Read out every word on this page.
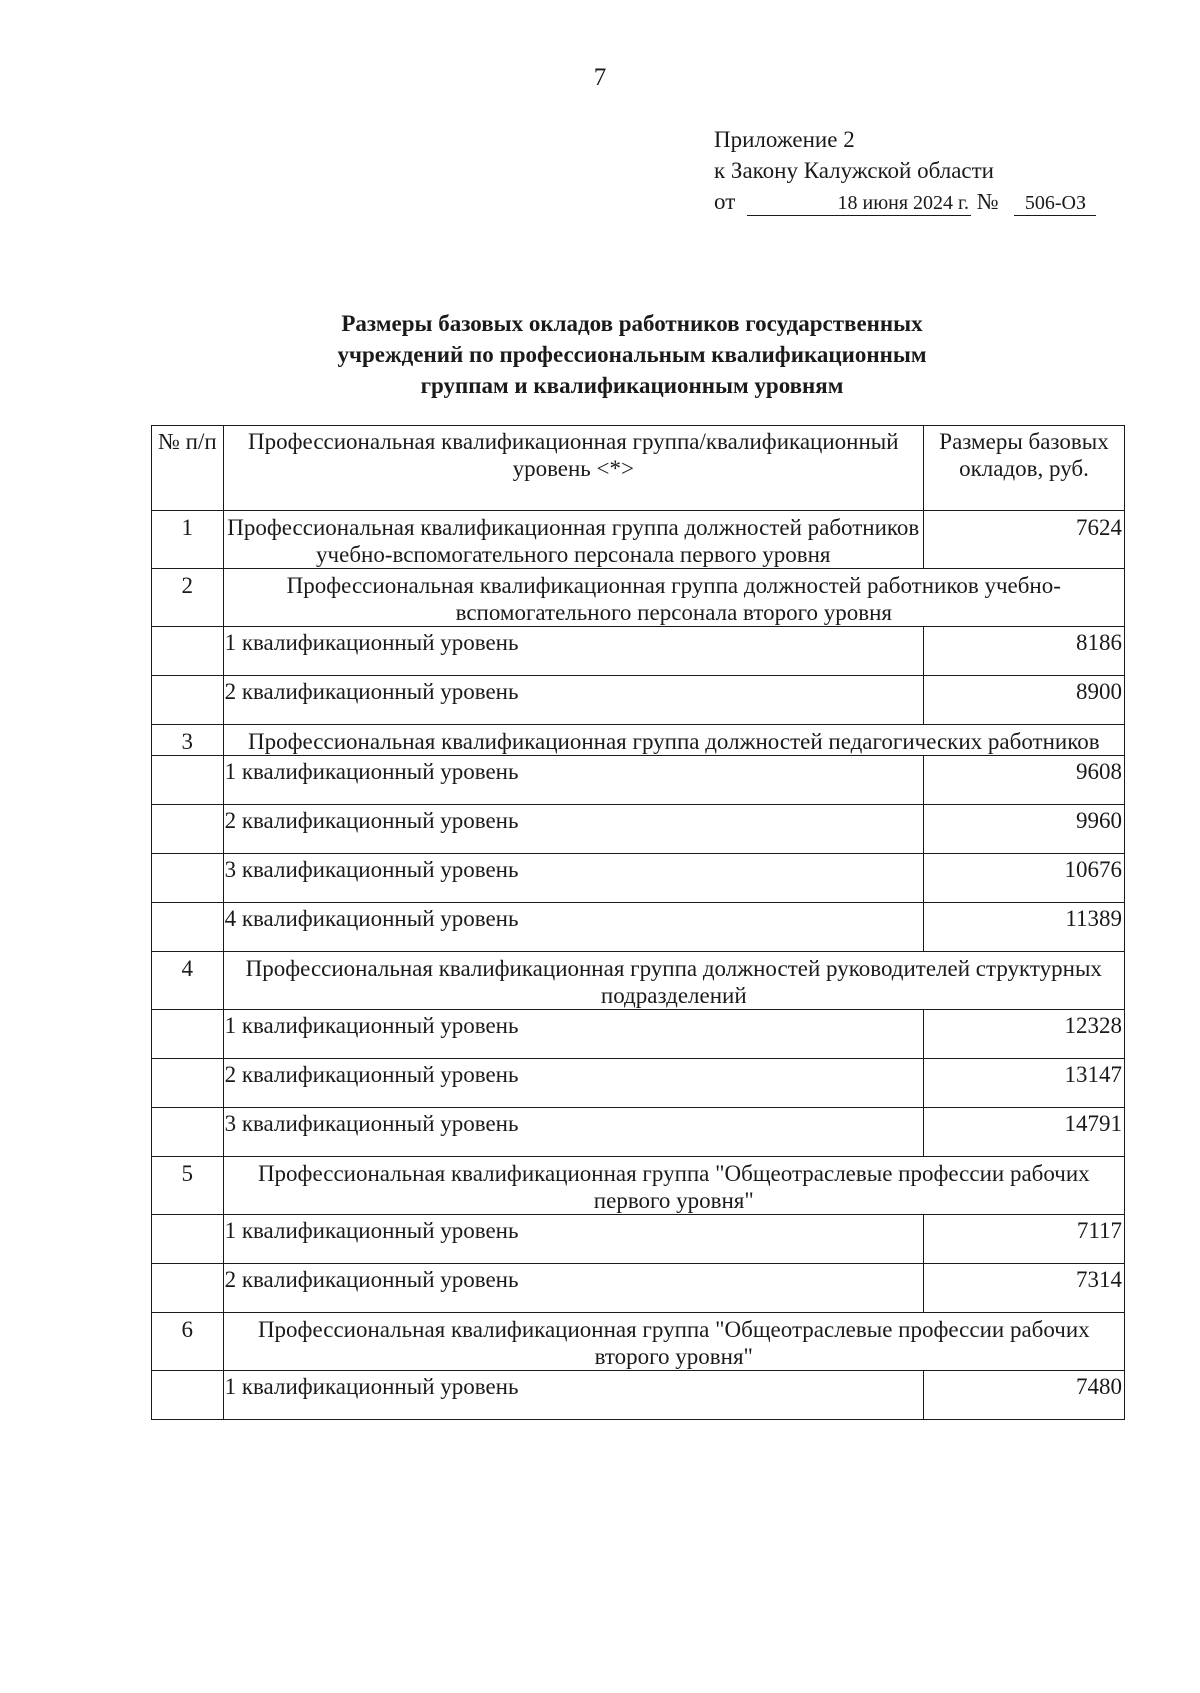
7
Приложение 2
к Закону Калужской области
от	18 июня 2024 г. № 506-ОЗ
Размеры базовых окладов работников государственных
учреждений по профессиональным квалификационным
группам и квалификационным уровням
№ п/п	Профессиональная квалификационная группа/квалификационный уровень <*>	Размеры базовых окладов, руб.
1	Профессиональная квалификационная группа должностей работников учебно-вспомогательного персонала первого уровня	7624
2	Профессиональная квалификационная группа должностей работников учебно-вспомогательного персонала второго уровня	
	1 квалификационный уровень	8186
	2 квалификационный уровень	8900
3	Профессиональная квалификационная группа должностей педагогических работников	
	1 квалификационный уровень	9608
	2 квалификационный уровень	9960
	3 квалификационный уровень	10676
	4 квалификационный уровень	11389
4	Профессиональная квалификационная группа должностей руководителей структурных подразделений	
	1 квалификационный уровень	12328
	2 квалификационный уровень	13147
	3 квалификационный уровень	14791
5	Профессиональная квалификационная группа "Общеотраслевые профессии рабочих первого уровня"	
	1 квалификационный уровень	7117
	2 квалификационный уровень	7314
6	Профессиональная квалификационная группа "Общеотраслевые профессии рабочих второго уровня"	
	1 квалификационный уровень	7480
